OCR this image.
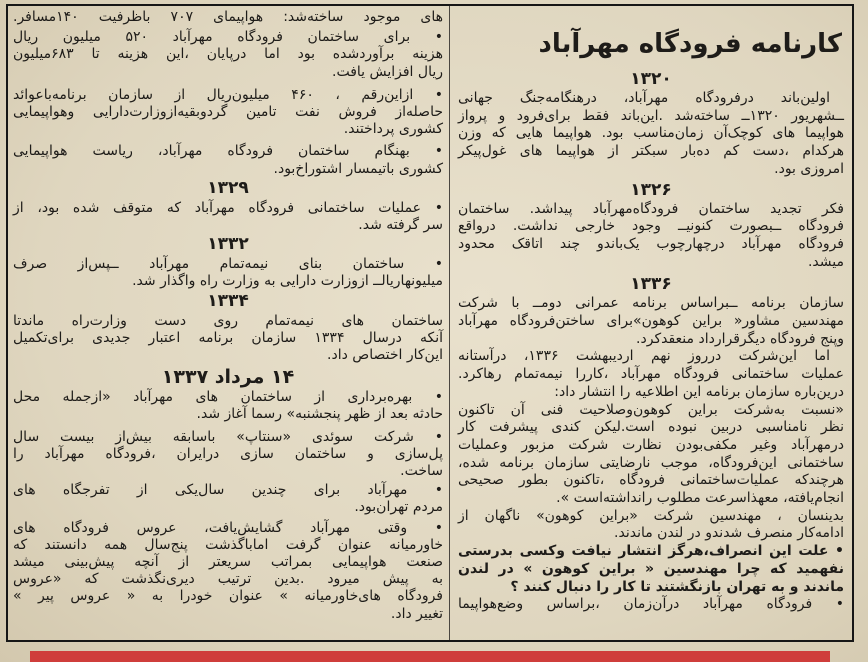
کارنامه فرودگاه مهرآباد
۱۳۲۰
اولین‌باند درفرودگاه مهرآباد، درهنگامه‌جنگ جهانی
ــشهریور ۱۳۲۰ــ ساخته‌شد .این‌باند فقط برای‌فرود و پرواز
هواپیما های کوچک‌آن زمان‌مناسب بود. هواپیما هایی که وزن
هرکدام ،دست کم ده‌بار سبکتر از هواپیما های غول‌پیکر
امروزی بود.
۱۳۲۶
فکر تجدید ساختمان فرودگاه‌مهرآباد پیداشد. ساختمان
فرودگاه ــبصورت کنونیــ وجود خارجی نداشت. درواقع
فرودگاه مهرآباد درچهارچوب یک‌باندو چند اتاقک محدود
میشد.
۱۳۳۶
سازمان برنامه ــبراساس برنامه عمرانی دومــ با شرکت
مهندسین مشاور« براین کوهون»برای ساختن‌فرودگاه مهرآباد
وپنج فرودگاه دیگرقرارداد منعقدکرد.
اما این‌شرکت درروز نهم اردیبهشت ۱۳۳۶، درآستانه
عملیات ساختمانی فرودگاه مهرآباد ،کاررا نیمه‌تمام رهاکرد.
درین‌باره سازمان برنامه این اطلاعیه را انتشار داد:
«نسبت به‌شرکت براین کوهون‌وصلاحیت فنی آن تاکنون
نظر نامناسبی دربین نبوده است.لیکن کندی پیشرفت کار
درمهرآباد وغیر مکفی‌بودن نظارت شرکت مزبور وعملیات
ساختمانی این‌فرودگاه، موجب نارضایتی سازمان برنامه شده،
هرچندکه عملیات‌ساختمانی فرودگاه ،تاکنون بطور صحیحی
انجام‌یافته، معهذاسرعت مطلوب رانداشته‌است ».
بدینسان ، مهندسین شرکت «براین کوهون» ناگهان از
ادامه‌کار منصرف شدندو در لندن ماندند.
• علت این انصراف،هرگز انتشار نیافت وکسی بدرستی
نفهمید که چرا مهندسین « براین کوهون » در لندن
ماندند و به تهران بازنگشتند تا کار را دنبال کنند ؟
• فرودگاه مهرآباد درآن‌زمان ،براساس وضع‌هواپیما
های موجود ساخته‌شد: هواپیمای ۷۰۷ باظرفیت ۱۴۰مسافر.
• برای ساختمان فرودگاه مهرآباد ۵۲۰ میلیون ریال
هزینه برآوردشده بود اما درپایان ،این هزینه تا ۶۸۳میلیون
ریال افزایش یافت.
• ازاین‌رقم ، ۴۶۰ میلیون‌ریال از سازمان برنامه‌باعوائد
حاصله‌از فروش نفت تامین گردوبقیه‌ازوزارت‌دارایی وهواپیمایی
کشوری پرداختند.
• بهنگام ساختمان فرودگاه مهرآباد، ریاست هواپیمایی
کشوری باتیمسار اشتوراخ‌بود.
۱۳۲۹
• عملیات ساختمانی فرودگاه مهرآباد که متوقف شده بود، از
سر گرفته شد.
۱۳۳۲
• ساختمان بنای نیمه‌تمام مهرآباد ــپس‌از صرف
میلیونهاریالــ ازوزارت دارایی به وزارت راه واگذار شد.
۱۳۳۴
ساختمان های نیمه‌تمام روی دست وزارت‌راه ماندتا
آنکه درسال ۱۳۳۴ سازمان برنامه اعتبار جدیدی برای‌تکمیل
این‌کار اختصاص داد.
۱۴ مرداد ۱۳۳۷
• بهره‌برداری از ساختمان های مهرآباد «ازجمله محل
حادثه بعد از ظهر پنجشنبه» رسما آغاز شد.
• شرکت سوئدی «سنتاپ» باسابقه بیش‌از بیست سال
پل‌سازی و ساختمان سازی درایران ،فرودگاه مهرآباد را
ساخت.
• مهرآباد برای چندین سال‌یکی از تفرجگاه های
مردم تهران‌بود.
• وقتی مهرآباد گشایش‌یافت، عروس فرودگاه های
خاورمیانه عنوان گرفت اماباگذشت پنج‌سال همه دانستند که
صنعت هواپیمایی بمراتب سریعتر از آنچه پیش‌بینی میشد
به پیش میرود .بدین ترتیب دیری‌نگذشت که «عروس
فرودگاه های‌خاورمیانه » عنوان خودرا به « عروس پیر »
تغییر داد.
